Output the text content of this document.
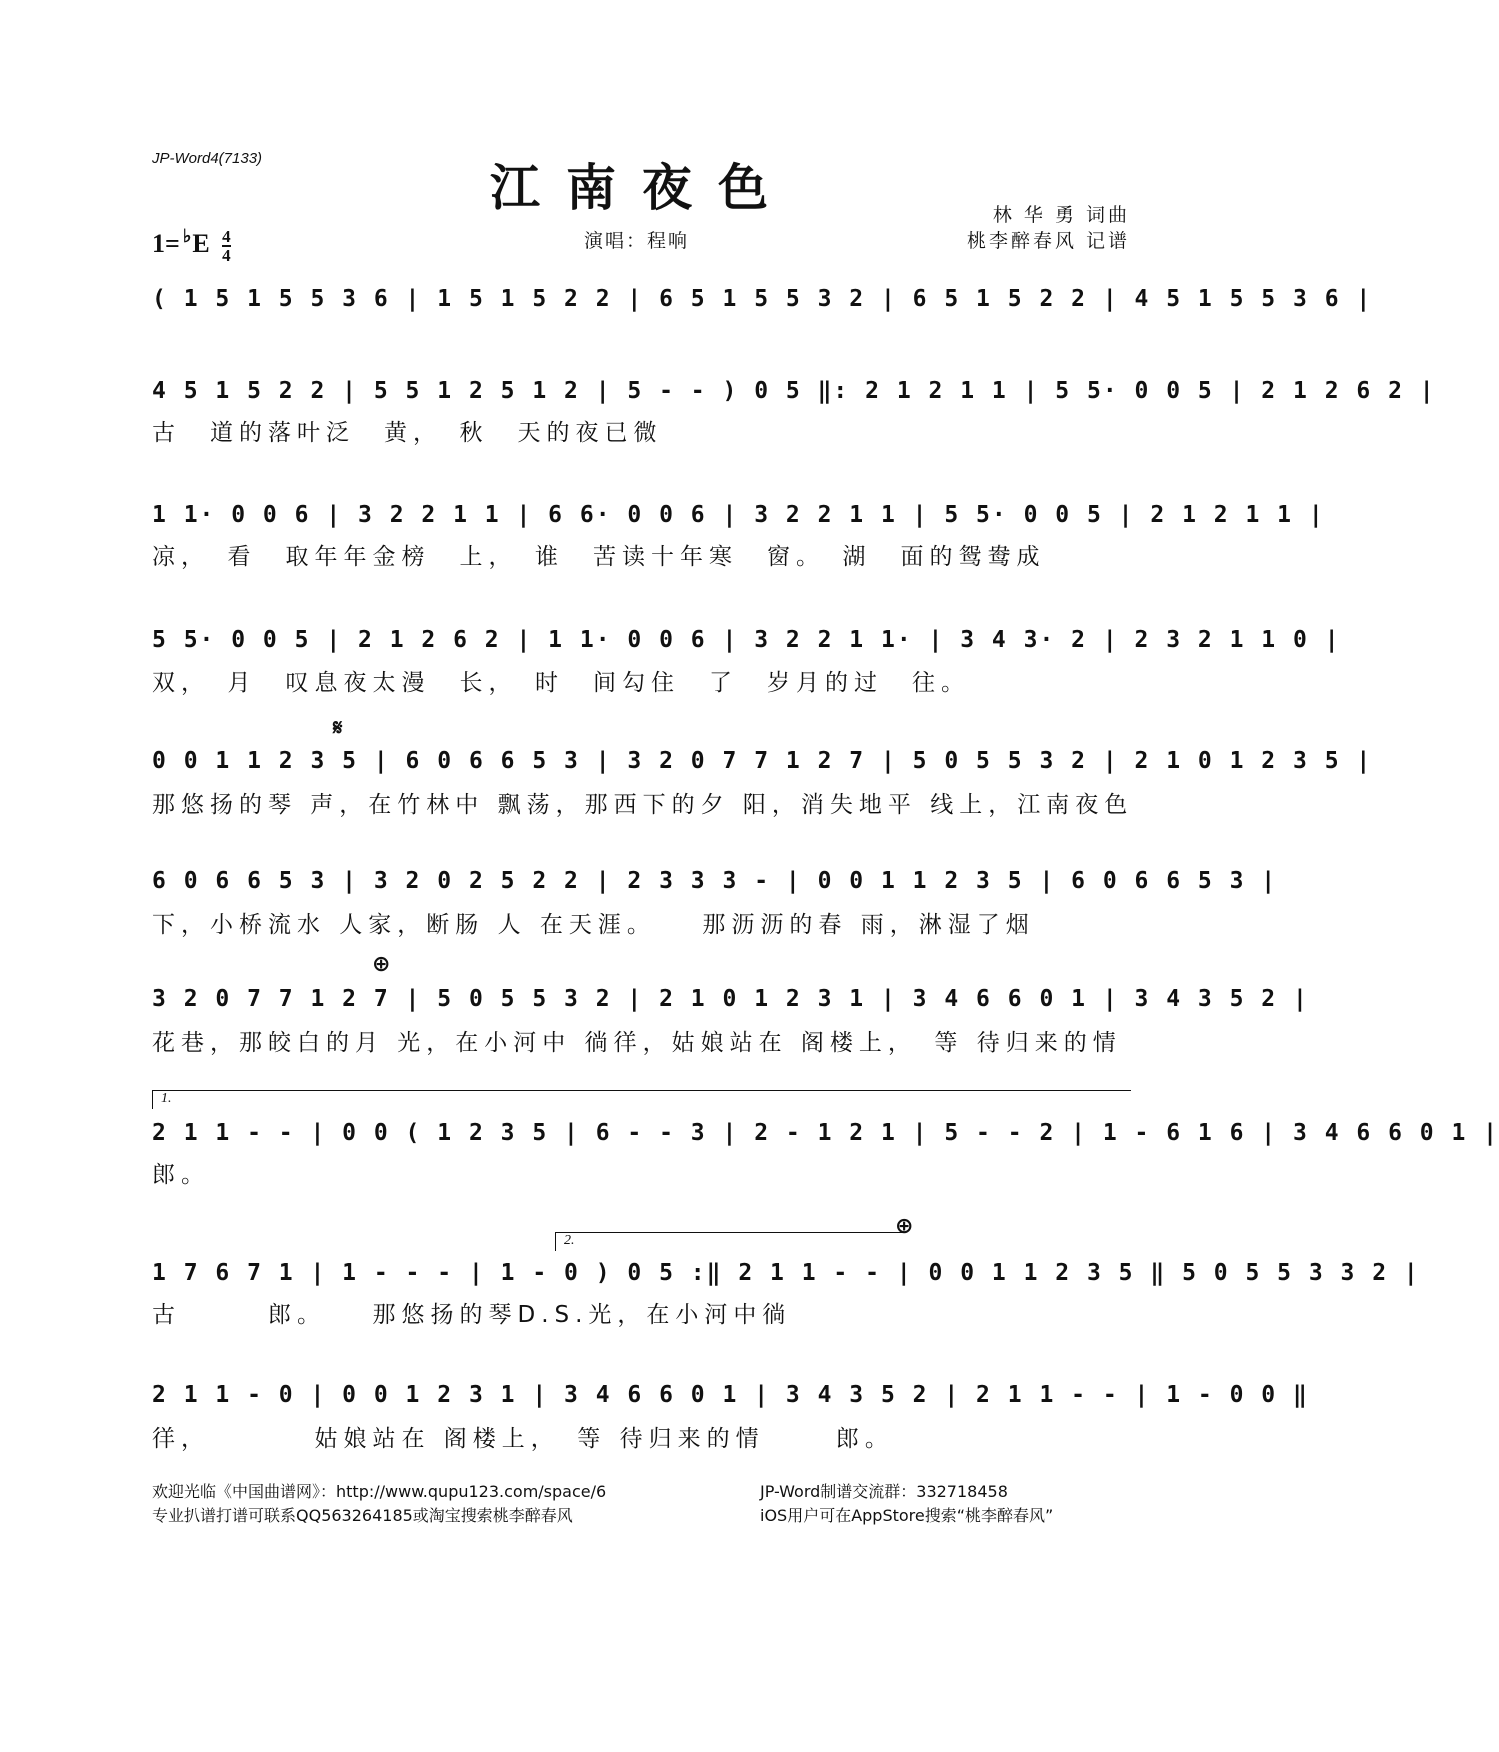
JP-Word4(7133)	江南夜色
$1= ^♭E \frac{4}{4}$	演唱：程响
林 华 勇 词曲
桃李醉春风 记谱
( 1 5 1 5 5 3 6 | 1 5 1 5 2 2 | 6 5 1 5 5 3 2 | 6 5 1 5 2 2 | 4 5 1 5 5 3 6 |
4 5 1 5 2 2 | 5 5 1 2 5 1 2 | 5 - - ) 0 5 ‖: 2 1 2 1 1 | 5 5· 0 0 5 | 2 1 2 6 2 |
古　道的落叶泛　黄，　秋　天的夜已微
1 1· 0 0 6 | 3 2 2 1 1 | 6 6· 0 0 6 | 3 2 2 1 1 | 5 5· 0 0 5 | 2 1 2 1 1 |
凉，　看　取年年金榜　上，　谁　苦读十年寒　窗。　湖　面的鸳鸯成
5 5· 0 0 5 | 2 1 2 6 2 | 1 1· 0 0 6 | 3 2 2 1 1· | 3 4 3· 2 | 2 3 2 1 1 0 |
双，　月　叹息夜太漫　长，　时　间勾住　了　岁月的过　往。
𝄋
0 0 1 1 2 3 5 | 6 0 6 6 5 3 | 3 2 0 7 7 1 2 7 | 5 0 5 5 3 2 | 2 1 0 1 2 3 5 |
那悠扬的琴 声，在竹林中 飘荡，那西下的夕 阳，消失地平 线上，江南夜色
6 0 6 6 5 3 | 3 2 0 2 5 2 2 | 2 3 3 3 - | 0 0 1 1 2 3 5 | 6 0 6 6 5 3 |
下，小桥流水 人家，断肠 人 在天涯。　　那沥沥的春 雨，淋湿了烟
⊕
3 2 0 7 7 1 2 7 | 5 0 5 5 3 2 | 2 1 0 1 2 3 1 | 3 4 6 6 0 1 | 3 4 3 5 2 |
花巷，那皎白的月 光，在小河中 徜徉，姑娘站在 阁楼上，　等 待归来的情
1.
2 1 1 - - | 0 0 ( 1 2 3 5 | 6 - - 3 | 2 - 1 2 1 | 5 - - 2 | 1 - 6 1 6 | 3 4 6 6 0 1 |
郎。
2.
⊕
1 7 6 7 1 | 1 - - - | 1 - 0 ) 0 5 :‖ 2 1 1 - - | 0 0 1 1 2 3 5 ‖ 5 0 5 5 3 3 2 |
古　　　郎。　　那悠扬的琴D.S.光，在小河中徜
2 1 1 - 0 | 0 0 1 2 3 1 | 3 4 6 6 0 1 | 3 4 3 5 2 | 2 1 1 - - | 1 - 0 0 ‖
徉，　　　　姑娘站在 阁楼上，　等 待归来的情　　 郎。
欢迎光临《中国曲谱网》：http://www.qupu123.com/space/6
专业扒谱打谱可联系QQ563264185或淘宝搜索桃李醉春风
JP-Word制谱交流群：332718458
iOS用户可在AppStore搜索“桃李醉春风”
